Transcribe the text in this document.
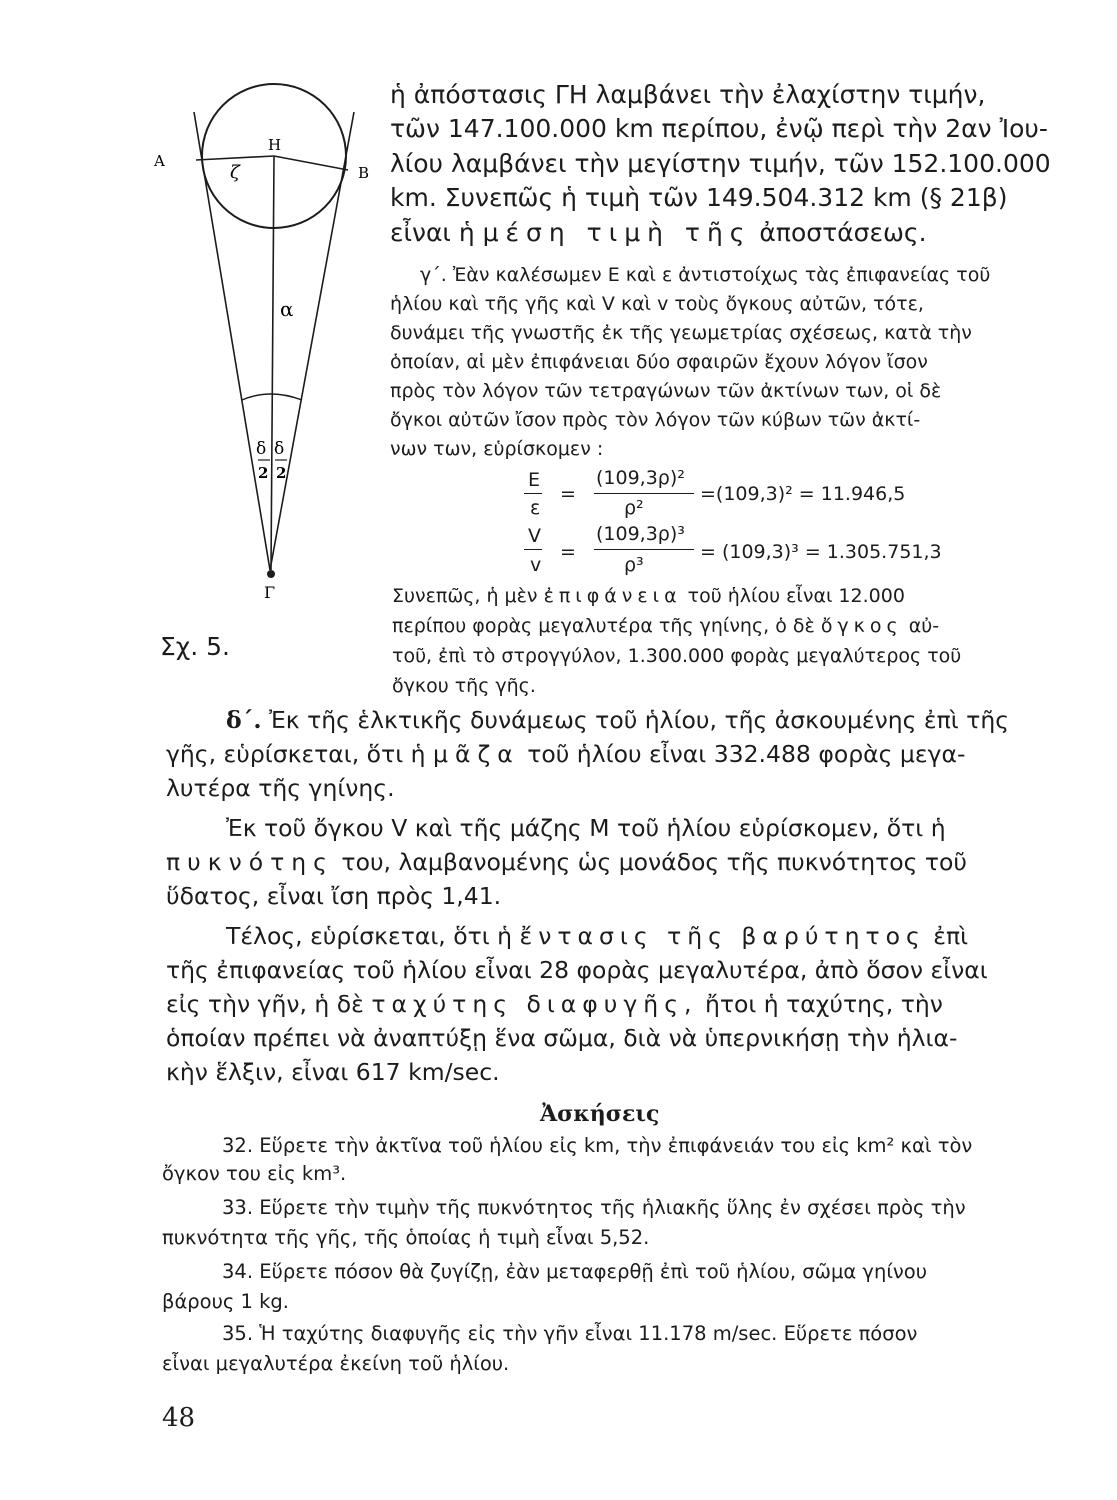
Α
Β
Η
ζ
α
δ δ
2 2
Γ
Σχ. 5.
ἡ ἀπόστασις ΓΗ λαμβάνει τὴν ἐλαχίστην τιμήν,
τῶν 147.100.000 km περίπου, ἐνῷ περὶ τὴν 2αν Ἰου-
λίου λαμβάνει τὴν μεγίστην τιμήν, τῶν 152.100.000
km. Συνεπῶς ἡ τιμὴ τῶν 149.504.312 km (§ 21β)
εἶναι ἡ μέση τιμὴ τῆς ἀποστάσεως.
γ΄. Ἐὰν καλέσωμεν Ε καὶ ε ἀντιστοίχως τὰς ἐπιφανείας τοῦ
ἡλίου καὶ τῆς γῆς καὶ V καὶ v τοὺς ὄγκους αὐτῶν, τότε,
δυνάμει τῆς γνωστῆς ἐκ τῆς γεωμετρίας σχέσεως, κατὰ τὴν
ὁποίαν, αἱ μὲν ἐπιφάνειαι δύο σφαιρῶν ἔχουν λόγον ἴσον
πρὸς τὸν λόγον τῶν τετραγώνων τῶν ἀκτίνων των, οἱ δὲ
ὄγκοι αὐτῶν ἴσον πρὸς τὸν λόγον τῶν κύβων τῶν ἀκτί-
νων των, εὑρίσκομεν :
Ε
ε
=
(109,3ρ)²
ρ²
=(109,3)² = 11.946,5
V
v
=
(109,3ρ)³
ρ³
= (109,3)³ = 1.305.751,3
Συνεπῶς, ἡ μὲν ἐπιφάνεια τοῦ ἡλίου εἶναι 12.000
περίπου φορὰς μεγαλυτέρα τῆς γηίνης, ὁ δὲ ὄγκος αὐ-
τοῦ, ἐπὶ τὸ στρογγύλον, 1.300.000 φορὰς μεγαλύτερος τοῦ
ὄγκου τῆς γῆς.
δ΄. Ἐκ τῆς ἑλκτικῆς δυνάμεως τοῦ ἡλίου, τῆς ἀσκουμένης ἐπὶ τῆς
γῆς, εὑρίσκεται, ὅτι ἡ μᾶζα τοῦ ἡλίου εἶναι 332.488 φορὰς μεγα-
λυτέρα τῆς γηίνης.
Ἐκ τοῦ ὄγκου V καὶ τῆς μάζης Μ τοῦ ἡλίου εὑρίσκομεν, ὅτι ἡ
πυκνότης του, λαμβανομένης ὡς μονάδος τῆς πυκνότητος τοῦ
ὕδατος, εἶναι ἴση πρὸς 1,41.
Τέλος, εὑρίσκεται, ὅτι ἡ ἔντασις τῆς βαρύτητος ἐπὶ
τῆς ἐπιφανείας τοῦ ἡλίου εἶναι 28 φορὰς μεγαλυτέρα, ἀπὸ ὅσον εἶναι
εἰς τὴν γῆν, ἡ δὲ ταχύτης διαφυγῆς, ἤτοι ἡ ταχύτης, τὴν
ὁποίαν πρέπει νὰ ἀναπτύξῃ ἕνα σῶμα, διὰ νὰ ὑπερνικήσῃ τὴν ἡλια-
κὴν ἕλξιν, εἶναι 617 km/sec.
Ἀσκήσεις
32. Εὕρετε τὴν ἀκτῖνα τοῦ ἡλίου εἰς km, τὴν ἐπιφάνειάν του εἰς km² καὶ τὸν
ὄγκον του εἰς km³.
33. Εὕρετε τὴν τιμὴν τῆς πυκνότητος τῆς ἡλιακῆς ὕλης ἐν σχέσει πρὸς τὴν
πυκνότητα τῆς γῆς, τῆς ὁποίας ἡ τιμὴ εἶναι 5,52.
34. Εὕρετε πόσον θὰ ζυγίζῃ, ἐὰν μεταφερθῇ ἐπὶ τοῦ ἡλίου, σῶμα γηίνου
βάρους 1 kg.
35. Ἡ ταχύτης διαφυγῆς εἰς τὴν γῆν εἶναι 11.178 m/sec. Εὕρετε πόσον
εἶναι μεγαλυτέρα ἐκείνη τοῦ ἡλίου.
48
